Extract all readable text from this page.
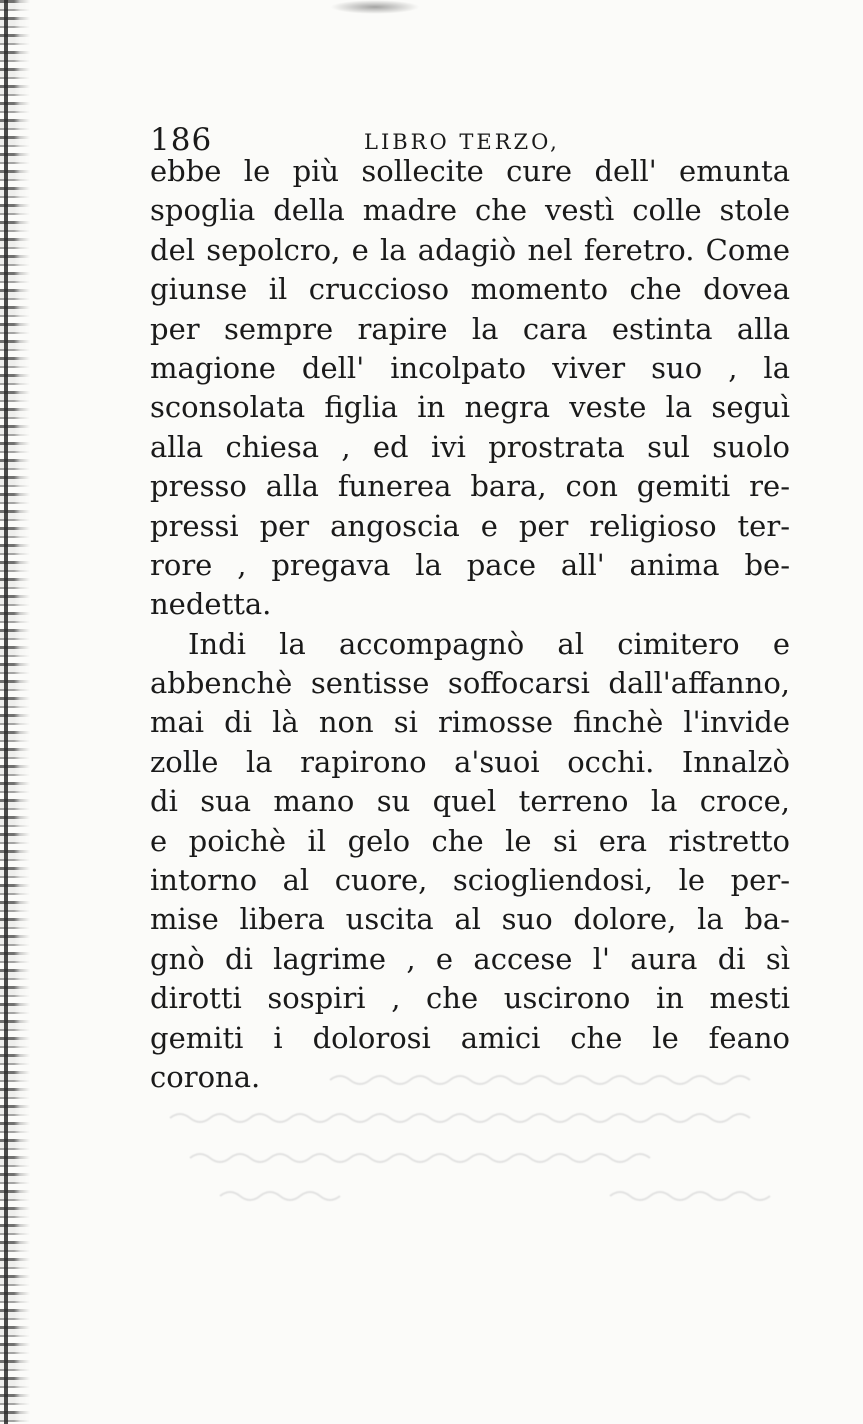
186	LIBRO TERZO,
ebbe le più sollecite cure dell' emunta
spoglia della madre che vestì colle stole
del sepolcro, e la adagiò nel feretro. Come
giunse il cruccioso momento che dovea
per sempre rapire la cara estinta alla
magione dell' incolpato viver suo , la
sconsolata figlia in negra veste la seguì
alla chiesa , ed ivi prostrata sul suolo
presso alla funerea bara, con gemiti re-
pressi per angoscia e per religioso ter-
rore , pregava la pace all' anima be-
nedetta.
Indi la accompagnò al cimitero e
abbenchè sentisse soffocarsi dall'affanno,
mai di là non si rimosse finchè l'invide
zolle la rapirono a'suoi occhi. Innalzò
di sua mano su quel terreno la croce,
e poichè il gelo che le si era ristretto
intorno al cuore, sciogliendosi, le per-
mise libera uscita al suo dolore, la ba-
gnò di lagrime , e accese l' aura di sì
dirotti sospiri , che uscirono in mesti
gemiti i dolorosi amici che le feano
corona.
